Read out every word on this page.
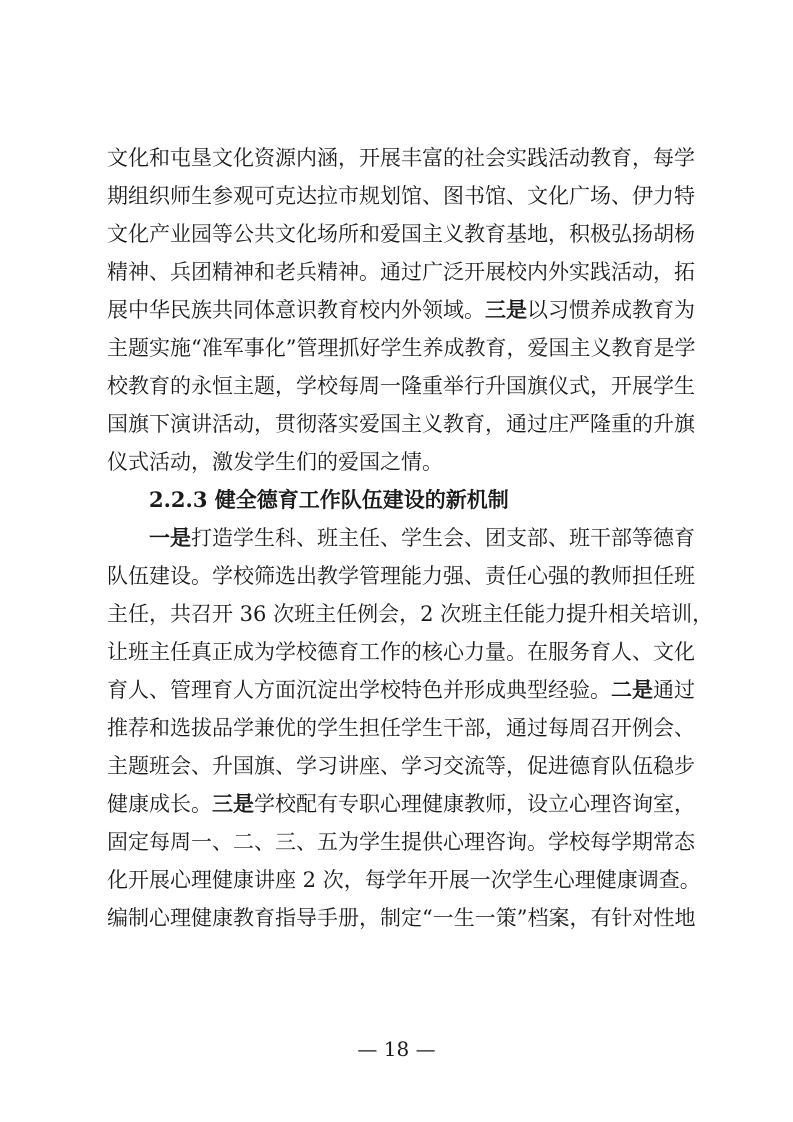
文化和屯垦文化资源内涵，开展丰富的社会实践活动教育，每学
期组织师生参观可克达拉市规划馆、图书馆、文化广场、伊力特
文化产业园等公共文化场所和爱国主义教育基地，积极弘扬胡杨
精神、兵团精神和老兵精神。通过广泛开展校内外实践活动，拓
展中华民族共同体意识教育校内外领域。三是以习惯养成教育为
主题实施“准军事化”管理抓好学生养成教育，爱国主义教育是学
校教育的永恒主题，学校每周一隆重举行升国旗仪式，开展学生
国旗下演讲活动，贯彻落实爱国主义教育，通过庄严隆重的升旗
仪式活动，激发学生们的爱国之情。
2.2.3 健全德育工作队伍建设的新机制
一是打造学生科、班主任、学生会、团支部、班干部等德育
队伍建设。学校筛选出教学管理能力强、责任心强的教师担任班
主任，共召开 36 次班主任例会，2 次班主任能力提升相关培训，
让班主任真正成为学校德育工作的核心力量。在服务育人、文化
育人、管理育人方面沉淀出学校特色并形成典型经验。二是通过
推荐和选拔品学兼优的学生担任学生干部，通过每周召开例会、
主题班会、升国旗、学习讲座、学习交流等，促进德育队伍稳步
健康成长。三是学校配有专职心理健康教师，设立心理咨询室，
固定每周一、二、三、五为学生提供心理咨询。学校每学期常态
化开展心理健康讲座 2 次，每学年开展一次学生心理健康调查。
编制心理健康教育指导手册，制定“一生一策”档案，有针对性地
— 18 —
